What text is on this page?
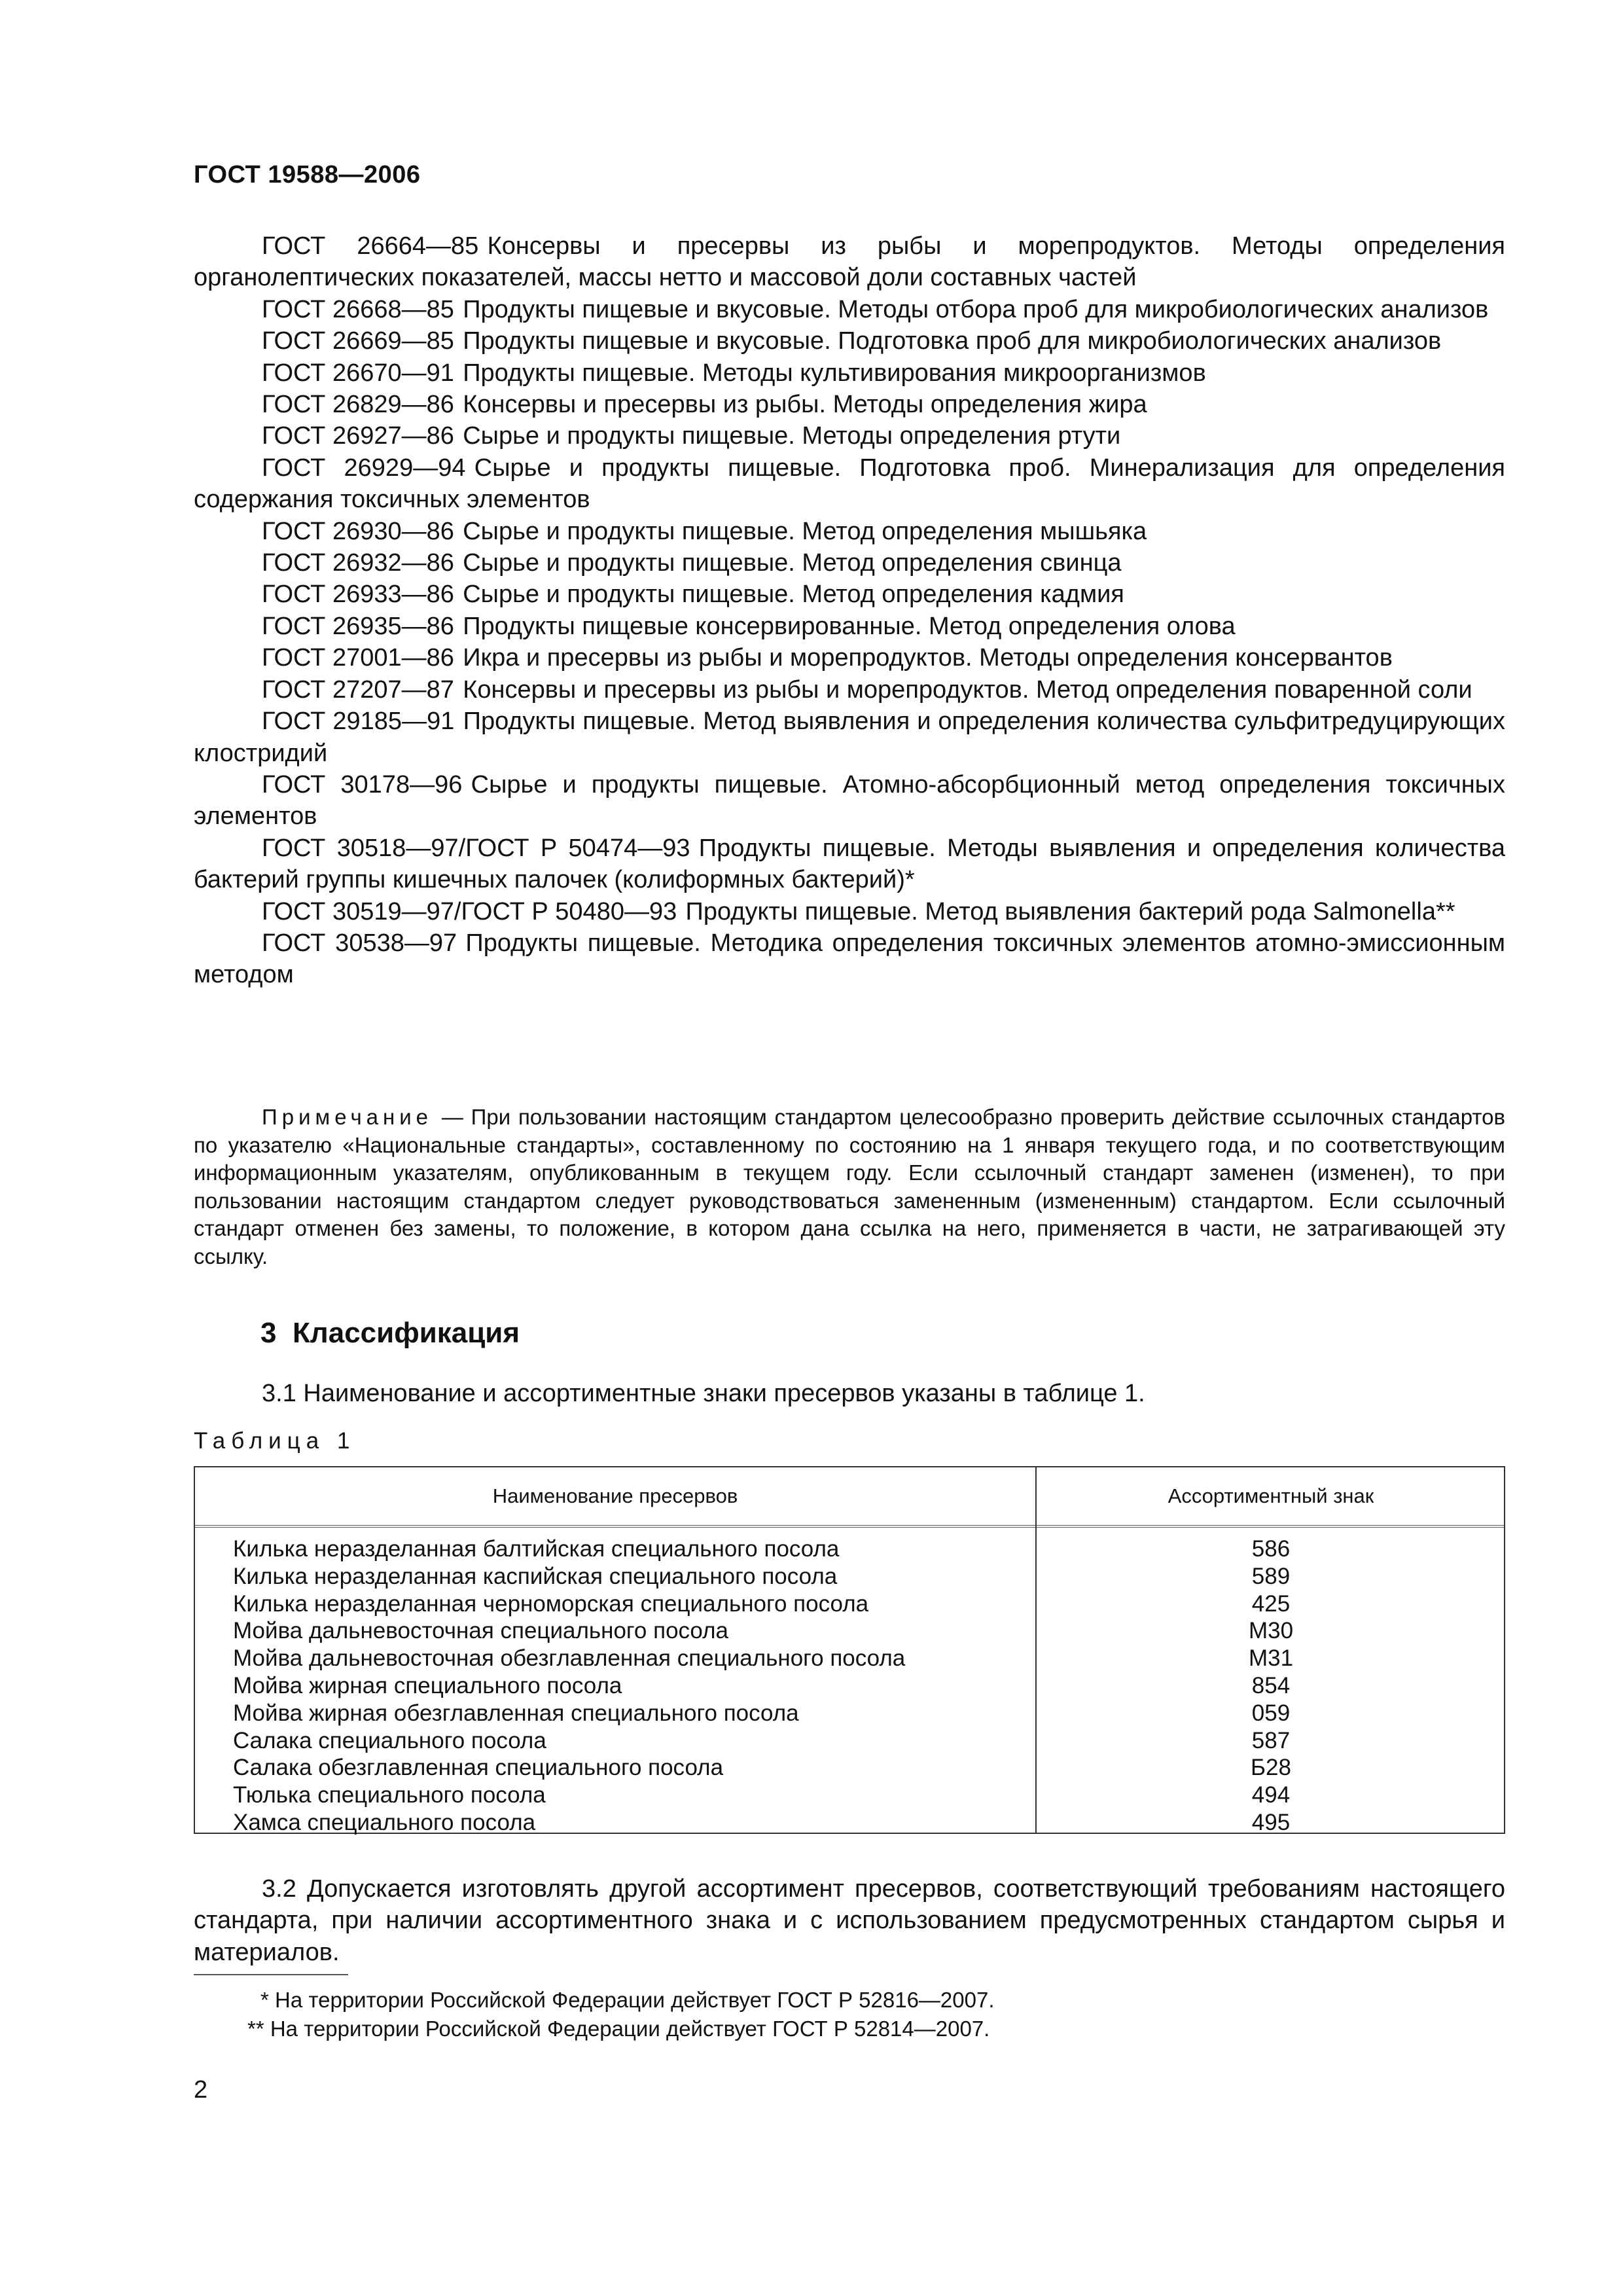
ГОСТ 19588—2006

ГОСТ 26664—85 Консервы и пресервы из рыбы и морепродуктов. Методы определения органолептических показателей, массы нетто и массовой доли составных частей

ГОСТ 26668—85 Продукты пищевые и вкусовые. Методы отбора проб для микробиологических анализов

ГОСТ 26669—85 Продукты пищевые и вкусовые. Подготовка проб для микробиологических анализов

ГОСТ 26670—91 Продукты пищевые. Методы культивирования микроорганизмов

ГОСТ 26829—86 Консервы и пресервы из рыбы. Методы определения жира

ГОСТ 26927—86 Сырье и продукты пищевые. Методы определения ртути

ГОСТ 26929—94 Сырье и продукты пищевые. Подготовка проб. Минерализация для определения содержания токсичных элементов

ГОСТ 26930—86 Сырье и продукты пищевые. Метод определения мышьяка

ГОСТ 26932—86 Сырье и продукты пищевые. Метод определения свинца

ГОСТ 26933—86 Сырье и продукты пищевые. Метод определения кадмия

ГОСТ 26935—86 Продукты пищевые консервированные. Метод определения олова

ГОСТ 27001—86 Икра и пресервы из рыбы и морепродуктов. Методы определения консервантов

ГОСТ 27207—87 Консервы и пресервы из рыбы и морепродуктов. Метод определения поваренной соли

ГОСТ 29185—91 Продукты пищевые. Метод выявления и определения количества сульфитредуцирующих клостридий

ГОСТ 30178—96 Сырье и продукты пищевые. Атомно-абсорбционный метод определения токсичных элементов

ГОСТ 30518—97/ГОСТ Р 50474—93 Продукты пищевые. Методы выявления и определения количества бактерий группы кишечных палочек (колиформных бактерий)*

ГОСТ 30519—97/ГОСТ Р 50480—93 Продукты пищевые. Метод выявления бактерий рода Salmonella**

ГОСТ 30538—97 Продукты пищевые. Методика определения токсичных элементов атомно-эмиссионным методом

Примечание — При пользовании настоящим стандартом целесообразно проверить действие ссылочных стандартов по указателю «Национальные стандарты», составленному по состоянию на 1 января текущего года, и по соответствующим информационным указателям, опубликованным в текущем году. Если ссылочный стандарт заменен (изменен), то при пользовании настоящим стандартом следует руководствоваться замененным (измененным) стандартом. Если ссылочный стандарт отменен без замены, то положение, в котором дана ссылка на него, применяется в части, не затрагивающей эту ссылку.
3 Классификация
3.1 Наименование и ассортиментные знаки пресервов указаны в таблице 1.
Таблица 1
Наименование пресервов	Ассортиментный знак
Килька неразделанная балтийская специального посола	586
Килька неразделанная каспийская специального посола	589
Килька неразделанная черноморская специального посола	425
Мойва дальневосточная специального посола	М30
Мойва дальневосточная обезглавленная специального посола	М31
Мойва жирная специального посола	854
Мойва жирная обезглавленная специального посола	059
Салака специального посола	587
Салака обезглавленная специального посола	Б28
Тюлька специального посола	494
Хамса специального посола	495
3.2 Допускается изготовлять другой ассортимент пресервов, соответствующий требованиям настоящего стандарта, при наличии ассортиментного знака и с использованием предусмотренных стандартом сырья и материалов.

* На территории Российской Федерации действует ГОСТ Р 52816—2007.

** На территории Российской Федерации действует ГОСТ Р 52814—2007.

2
